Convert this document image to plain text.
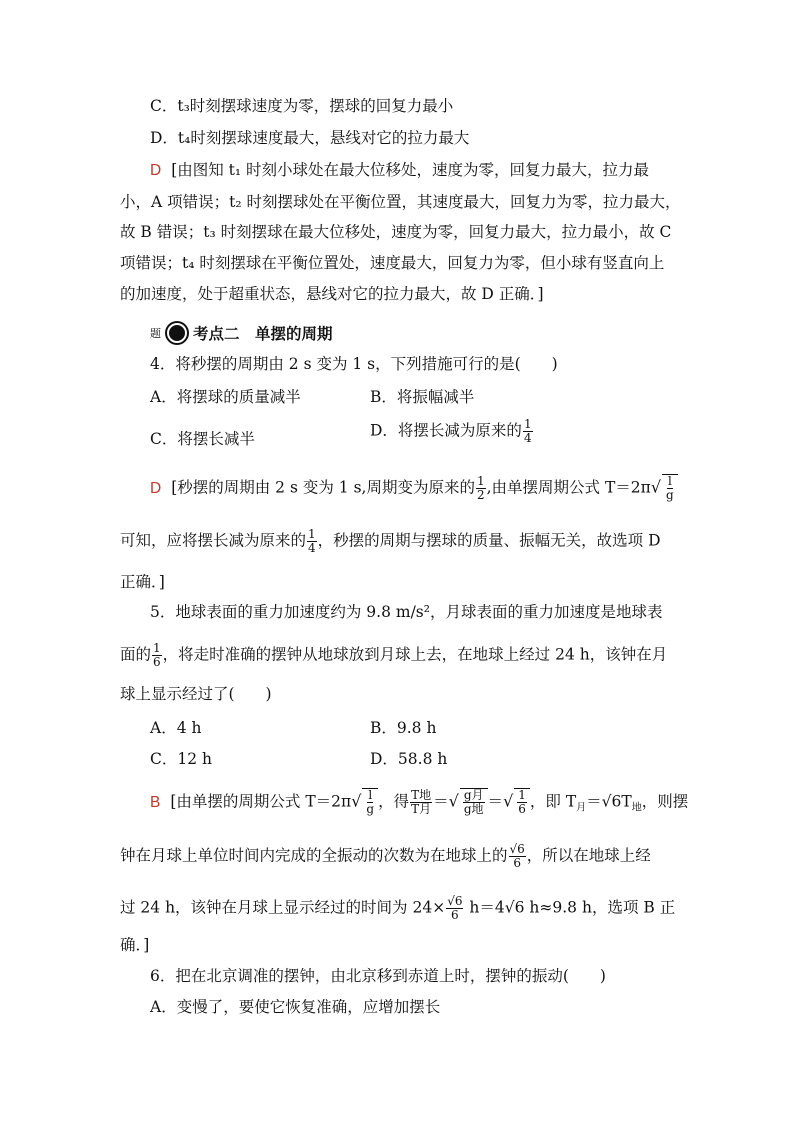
C．t₃时刻摆球速度为零，摆球的回复力最小
D．t₄时刻摆球速度最大，悬线对它的拉力最大
D [由图知 t₁ 时刻小球处在最大位移处，速度为零，回复力最大，拉力最
小，A 项错误；t₂ 时刻摆球处在平衡位置，其速度最大，回复力为零，拉力最大，
故 B 错误；t₃ 时刻摆球在最大位移处，速度为零，回复力最大，拉力最小，故 C
项错误；t₄ 时刻摆球在平衡位置处，速度最大，回复力为零，但小球有竖直向上
的加速度，处于超重状态，悬线对它的拉力最大，故 D 正确．]
题 考点二　单摆的周期
4．将秒摆的周期由 2 s 变为 1 s，下列措施可行的是(　　)
A．将摆球的质量减半	B．将振幅减半
C．将摆长减半	D．将摆长减为原来的 $\frac{1}{4}$
D [秒摆的周期由 2 s 变为 1 s,周期变为原来的 $\frac{1}{2}$ ,由单摆周期公式 $T=2\pi√ \frac{l}{g}$
可知，应将摆长减为原来的 $\frac{1}{4}$ ，秒摆的周期与摆球的质量、振幅无关，故选项 D
正确．]
5．地球表面的重力加速度约为 9.8 m/s²，月球表面的重力加速度是地球表
面的 $\frac{1}{6}$ ，将走时准确的摆钟从地球放到月球上去，在地球上经过 24 h，该钟在月
球上显示经过了(　　)
A．4 h	B．9.8 h
C．12 h	D．58.8 h
B [由单摆的周期公式 $T=2\pi√ \frac{l}{g}$ ，得 $\frac{\text{T地}}{\text{T月}}$ ＝√ $\frac{\text{g月}}{\text{g地}}$ ＝√ $\frac{1}{6}$ ，即 $T_月=√6T_地$，则摆
钟在月球上单位时间内完成的全振动的次数为在地球上的 $\frac{√6}{6}$ ，所以在地球上经
过 24 h，该钟在月球上显示经过的时间为 $24\times \frac{√6}{6} h=4√6$ h≈9.8 h，选项 B 正
确．]
6．把在北京调准的摆钟，由北京移到赤道上时，摆钟的振动(　　)
A．变慢了，要使它恢复准确，应增加摆长
